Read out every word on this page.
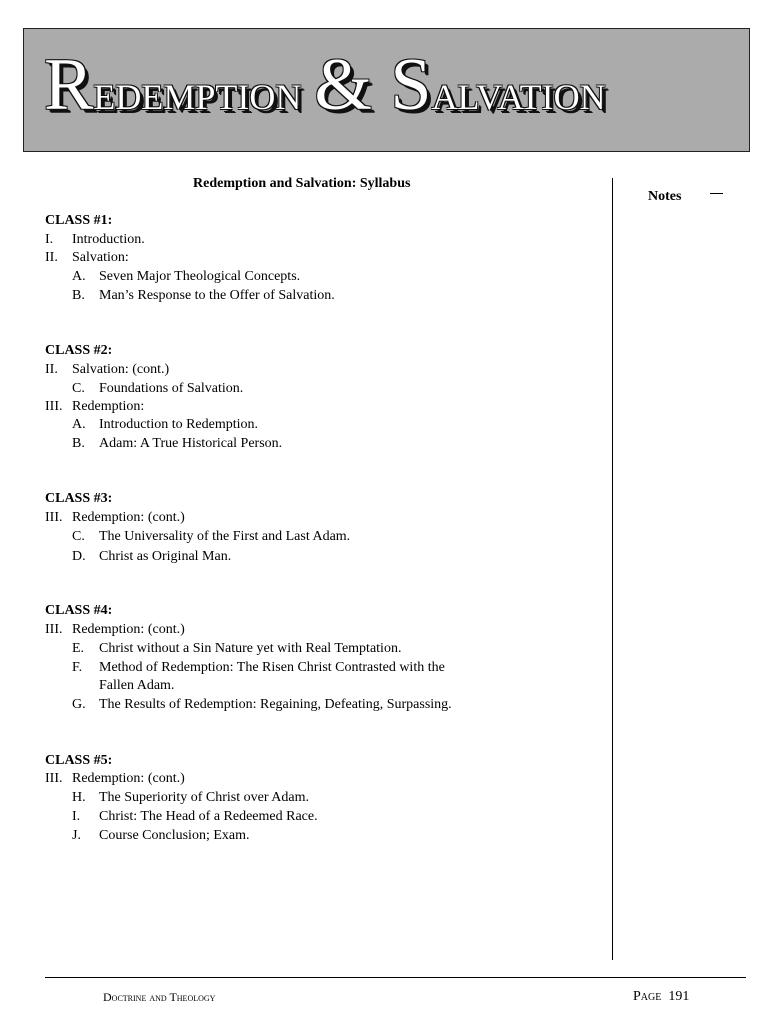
Redemption & Salvation
Notes
Redemption and Salvation: Syllabus
CLASS #1:
I. Introduction.
II. Salvation:
A. Seven Major Theological Concepts.
B. Man’s Response to the Offer of Salvation.
CLASS #2:
II. Salvation: (cont.)
C. Foundations of Salvation.
III. Redemption:
A. Introduction to Redemption.
B. Adam: A True Historical Person.
CLASS #3:
III. Redemption: (cont.)
C. The Universality of the First and Last Adam.
D. Christ as Original Man.
CLASS #4:
III. Redemption: (cont.)
E. Christ without a Sin Nature yet with Real Temptation.
F. Method of Redemption: The Risen Christ Contrasted with the
Fallen Adam.
G. The Results of Redemption: Regaining, Defeating, Surpassing.
CLASS #5:
III. Redemption: (cont.)
H. The Superiority of Christ over Adam.
I. Christ: The Head of a Redeemed Race.
J. Course Conclusion; Exam.
Doctrine and Theology	Page 191
